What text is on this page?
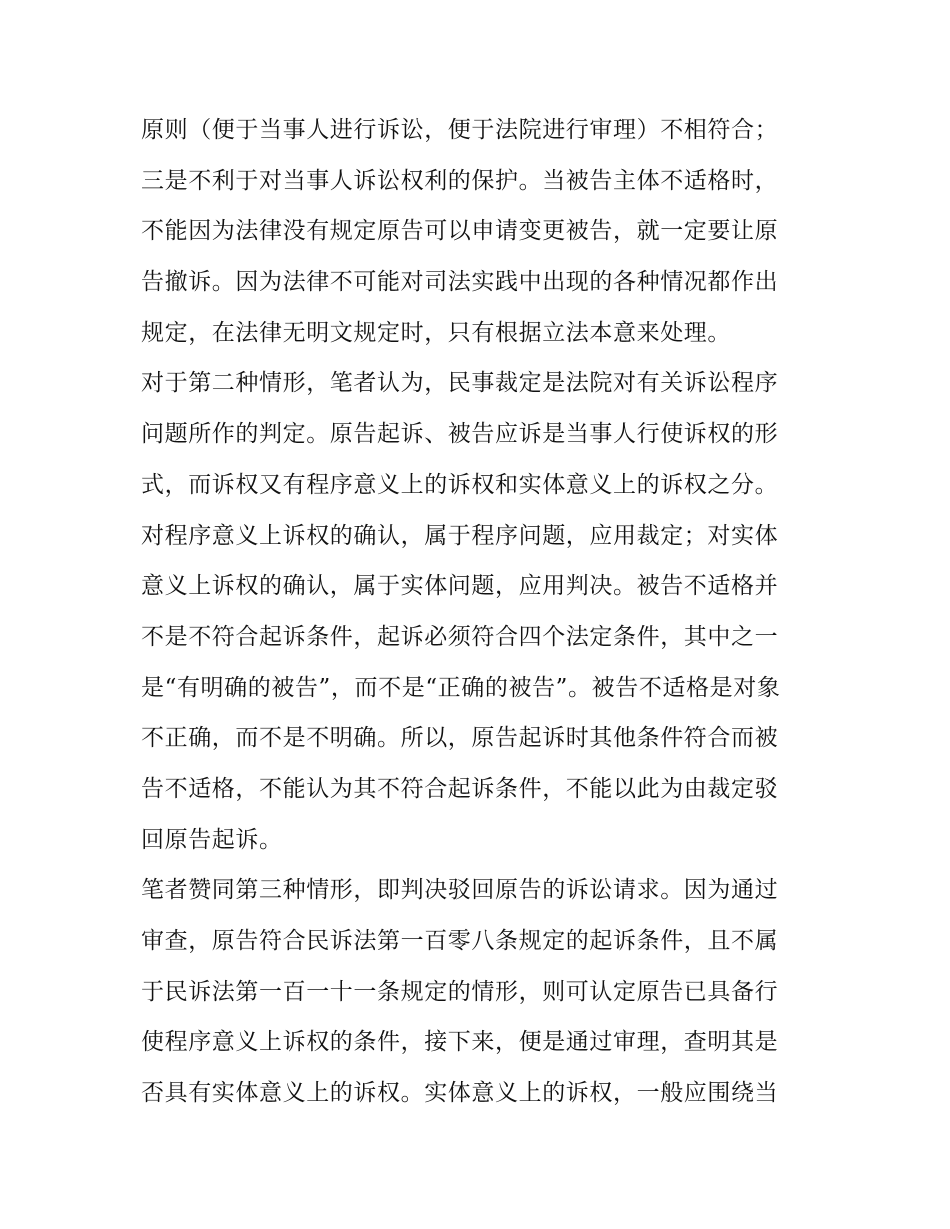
原则（便于当事人进行诉讼，便于法院进行审理）不相符合；
三是不利于对当事人诉讼权利的保护。当被告主体不适格时，
不能因为法律没有规定原告可以申请变更被告，就一定要让原
告撤诉。因为法律不可能对司法实践中出现的各种情况都作出
规定，在法律无明文规定时，只有根据立法本意来处理。
对于第二种情形，笔者认为，民事裁定是法院对有关诉讼程序
问题所作的判定。原告起诉、被告应诉是当事人行使诉权的形
式，而诉权又有程序意义上的诉权和实体意义上的诉权之分。
对程序意义上诉权的确认，属于程序问题，应用裁定；对实体
意义上诉权的确认，属于实体问题，应用判决。被告不适格并
不是不符合起诉条件，起诉必须符合四个法定条件，其中之一
是“有明确的被告”，而不是“正确的被告”。被告不适格是对象
不正确，而不是不明确。所以，原告起诉时其他条件符合而被
告不适格，不能认为其不符合起诉条件，不能以此为由裁定驳
回原告起诉。
笔者赞同第三种情形，即判决驳回原告的诉讼请求。因为通过
审查，原告符合民诉法第一百零八条规定的起诉条件，且不属
于民诉法第一百一十一条规定的情形，则可认定原告已具备行
使程序意义上诉权的条件，接下来，便是通过审理，查明其是
否具有实体意义上的诉权。实体意义上的诉权，一般应围绕当
